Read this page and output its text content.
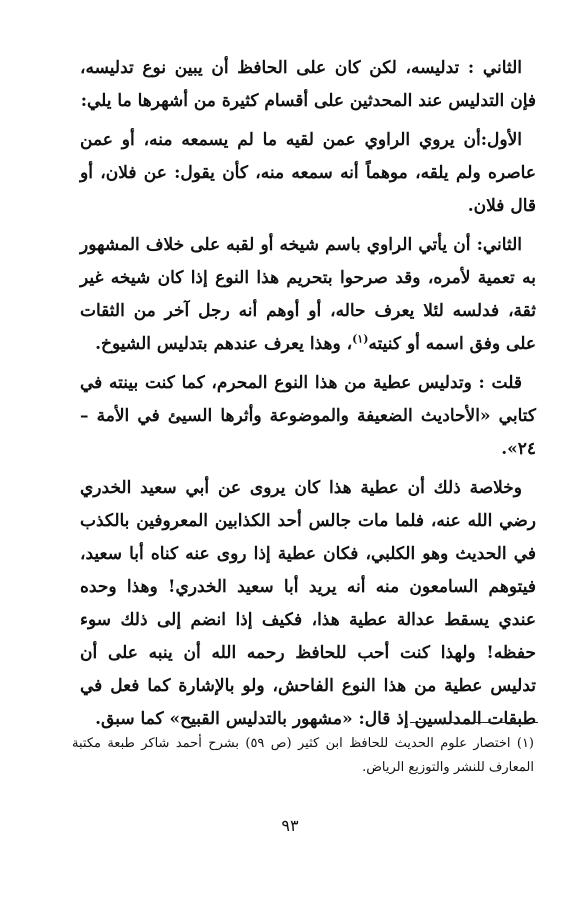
الثاني : تدليسه، لكن كان على الحافظ أن يبين نوع تدليسه، فإن التدليس عند المحدثين على أقسام كثيرة من أشهرها ما يلي:

الأول:أن يروي الراوي عمن لقيه ما لم يسمعه منه، أو عمن عاصره ولم يلقه، موهماً أنه سمعه منه، كأن يقول: عن فلان، أو قال فلان.

الثاني: أن يأتي الراوي باسم شيخه أو لقبه على خلاف المشهور به تعمية لأمره، وقد صرحوا بتحريم هذا النوع إذا كان شيخه غير ثقة، فدلسه لئلا يعرف حاله، أو أوهم أنه رجل آخر من الثقات على وفق اسمه أو كنيته$^{(١)}$، وهذا يعرف عندهم بتدليس الشيوخ.

قلت : وتدليس عطية من هذا النوع المحرم، كما كنت بينته في كتابي «الأحاديث الضعيفة والموضوعة وأثرها السيئ في الأمة – ٢٤».

وخلاصة ذلك أن عطية هذا كان يروى عن أبي سعيد الخدري رضي الله عنه، فلما مات جالس أحد الكذابين المعروفين بالكذب في الحديث وهو الكلبي، فكان عطية إذا روى عنه كناه أبا سعيد، فيتوهم السامعون منه أنه يريد أبا سعيد الخدري! وهذا وحده عندي يسقط عدالة عطية هذا، فكيف إذا انضم إلى ذلك سوء حفظه! ولهذا كنت أحب للحافظ رحمه الله أن ينبه على أن تدليس عطية من هذا النوع الفاحش، ولو بالإشارة كما فعل في طبقات المدلسين إذ قال: «مشهور بالتدليس القبيح» كما سبق.

(١) اختصار علوم الحديث للحافظ ابن كثير (ص ٥٩) بشرح أحمد شاكر طبعة مكتبة المعارف للنشر والتوزيع الرياض.
٩٣
